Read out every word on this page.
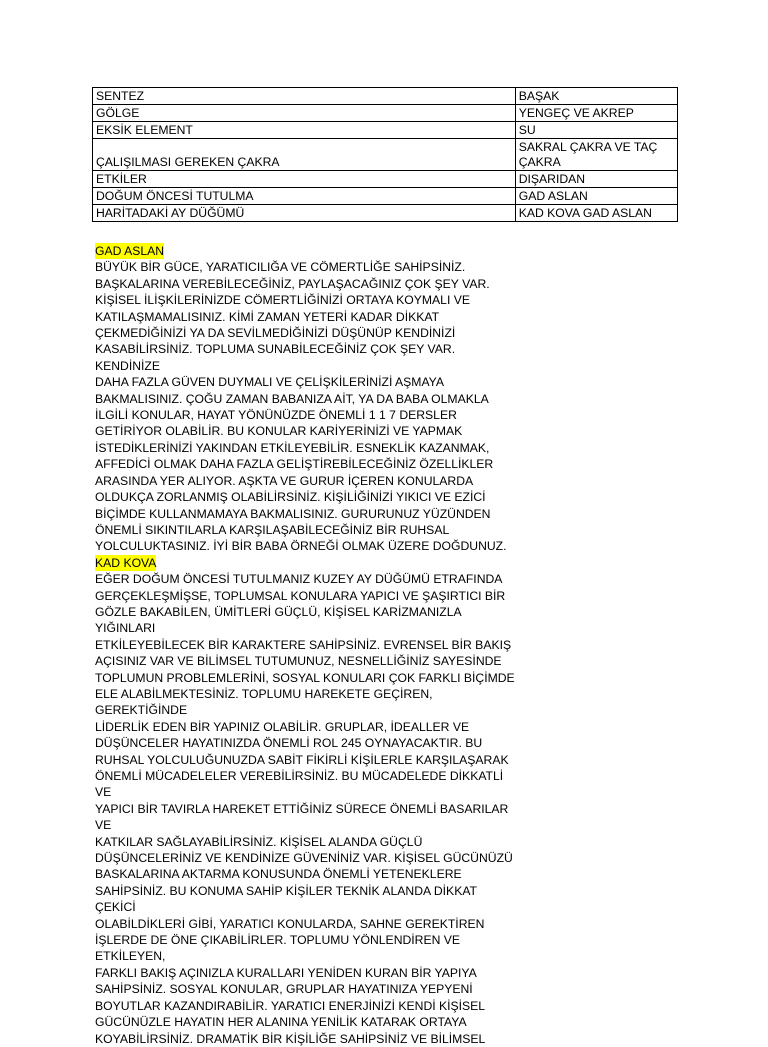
SENTEZ	BAŞAK
GÖLGE	YENGEÇ VE AKREP
EKSİK ELEMENT	SU
ÇALIŞILMASI GEREKEN ÇAKRA	SAKRAL ÇAKRA VE TAÇ
ÇAKRA
ETKİLER	DIŞARIDAN
DOĞUM ÖNCESİ TUTULMA	GAD ASLAN
HARİTADAKİ AY DÜĞÜMÜ	KAD KOVA GAD ASLAN
GAD ASLAN

BÜYÜK BİR GÜCE, YARATICILIĞA VE CÖMERTLİĞE SAHİPSİNİZ.
BAŞKALARINA VEREBİLECEĞİNİZ, PAYLAŞACAĞINIZ ÇOK ŞEY VAR.
KİŞİSEL İLİŞKİLERİNİZDE CÖMERTLİĞİNİZİ ORTAYA KOYMALI VE
KATILAŞMAMALISINIZ. KİMİ ZAMAN YETERİ KADAR DİKKAT
ÇEKMEDİĞİNİZİ YA DA SEVİLMEDİĞİNİZİ DÜŞÜNÜP KENDİNİZİ
KASABİLİRSİNİZ. TOPLUMA SUNABİLECEĞİNİZ ÇOK ŞEY VAR. KENDİNİZE
DAHA FAZLA GÜVEN DUYMALI VE ÇELİŞKİLERİNİZİ AŞMAYA
BAKMALISINIZ. ÇOĞU ZAMAN BABANIZA AİT, YA DA BABA OLMAKLA
İLGİLİ KONULAR, HAYAT YÖNÜNÜZDE ÖNEMLİ 1 1 7 DERSLER
GETİRİYOR OLABİLİR. BU KONULAR KARİYERİNİZİ VE YAPMAK
İSTEDİKLERİNİZİ YAKINDAN ETKİLEYEBİLİR. ESNEKLİK KAZANMAK,
AFFEDİCİ OLMAK DAHA FAZLA GELİŞTİREBİLECEĞİNİZ ÖZELLİKLER
ARASINDA YER ALIYOR. AŞKTA VE GURUR İÇEREN KONULARDA
OLDUKÇA ZORLANMIŞ OLABİLİRSİNİZ. KİŞİLİĞİNİZİ YIKICI VE EZİCİ
BİÇİMDE KULLANMAMAYA BAKMALISINIZ. GURURUNUZ YÜZÜNDEN
ÖNEMLİ SIKINTILARLA KARŞILAŞABİLECEĞİNİZ BİR RUHSAL
YOLCULUKTASINIZ. İYİ BİR BABA ÖRNEĞİ OLMAK ÜZERE DOĞDUNUZ.

KAD KOVA

EĞER DOĞUM ÖNCESİ TUTULMANIZ KUZEY AY DÜĞÜMÜ ETRAFINDA
GERÇEKLEŞMİŞSE, TOPLUMSAL KONULARA YAPICI VE ŞAŞIRTICI BİR
GÖZLE BAKABİLEN, ÜMİTLERİ GÜÇLÜ, KİŞİSEL KARİZMANIZLA YIĞINLARI
ETKİLEYEBİLECEK BİR KARAKTERE SAHİPSİNİZ. EVRENSEL BİR BAKIŞ
AÇISINIZ VAR VE BİLİMSEL TUTUMUNUZ, NESNELLİĞİNİZ SAYESİNDE
TOPLUMUN PROBLEMLERİNİ, SOSYAL KONULARI ÇOK FARKLI BİÇİMDE
ELE ALABİLMEKTESİNİZ. TOPLUMU HAREKETE GEÇİREN, GEREKTİĞİNDE
LİDERLİK EDEN BİR YAPINIZ OLABİLİR. GRUPLAR, İDEALLER VE
DÜŞÜNCELER HAYATINIZDA ÖNEMLİ ROL 245 OYNAYACAKTIR. BU
RUHSAL YOLCULUĞUNUZDA SABİT FİKİRLİ KİŞİLERLE KARŞILAŞARAK
ÖNEMLİ MÜCADELELER VEREBİLİRSİNİZ. BU MÜCADELEDE DİKKATLİ VE
YAPICI BİR TAVIRLA HAREKET ETTİĞİNİZ SÜRECE ÖNEMLİ BASARILAR VE
KATKILAR SAĞLAYABİLİRSİNİZ. KİŞİSEL ALANDA GÜÇLÜ
DÜŞÜNCELERİNİZ VE KENDİNİZE GÜVENİNİZ VAR. KİŞİSEL GÜCÜNÜZÜ
BASKALARINA AKTARMA KONUSUNDA ÖNEMLİ YETENEKLERE
SAHİPSİNİZ. BU KONUMA SAHİP KİŞİLER TEKNİK ALANDA DİKKAT ÇEKİCİ
OLABİLDİKLERİ GİBİ, YARATICI KONULARDA, SAHNE GEREKTİREN
İŞLERDE DE ÖNE ÇIKABİLİRLER. TOPLUMU YÖNLENDİREN VE ETKİLEYEN,
FARKLI BAKIŞ AÇINIZLA KURALLARI YENİDEN KURAN BİR YAPIYA
SAHİPSİNİZ. SOSYAL KONULAR, GRUPLAR HAYATINIZA YEPYENİ
BOYUTLAR KAZANDIRABİLİR. YARATICI ENERJİNİZİ KENDİ KİŞİSEL
GÜCÜNÜZLE HAYATIN HER ALANINA YENİLİK KATARAK ORTAYA
KOYABİLİRSİNİZ. DRAMATİK BİR KİŞİLİĞE SAHİPSİNİZ VE BİLİMSEL
